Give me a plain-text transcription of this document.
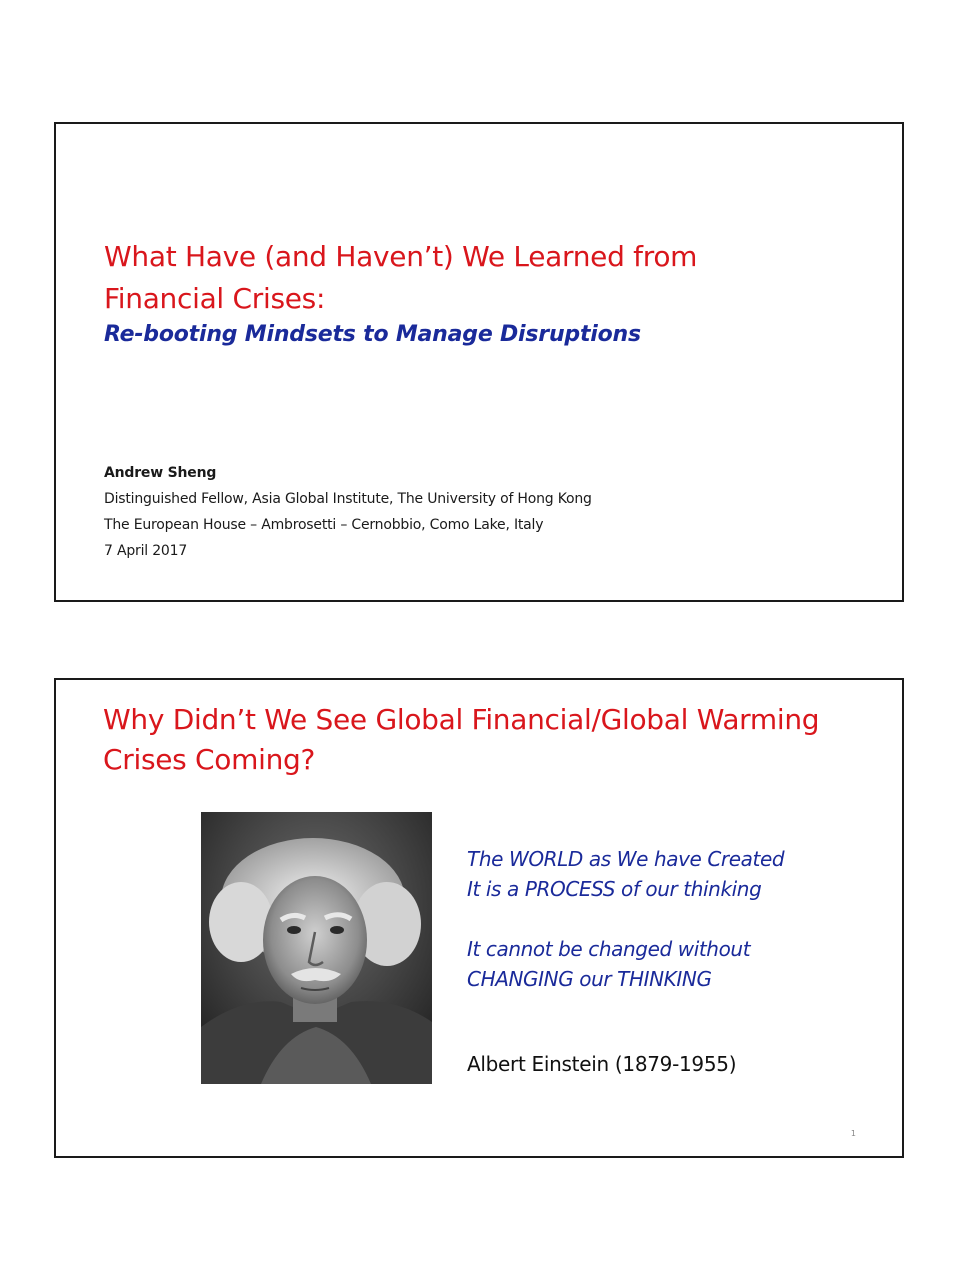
What Have (and Haven’t) We Learned from Financial Crises:
Re-booting Mindsets to Manage Disruptions
Andrew Sheng
Distinguished Fellow, Asia Global Institute, The University of Hong Kong
The European House – Ambrosetti – Cernobbio, Como Lake, Italy
7 April 2017
Why Didn’t We See Global Financial/Global Warming Crises Coming?

The WORLD as We have Created It is a PROCESS of our thinking

It cannot be changed without CHANGING our THINKING

Albert Einstein (1879-1955)
1
